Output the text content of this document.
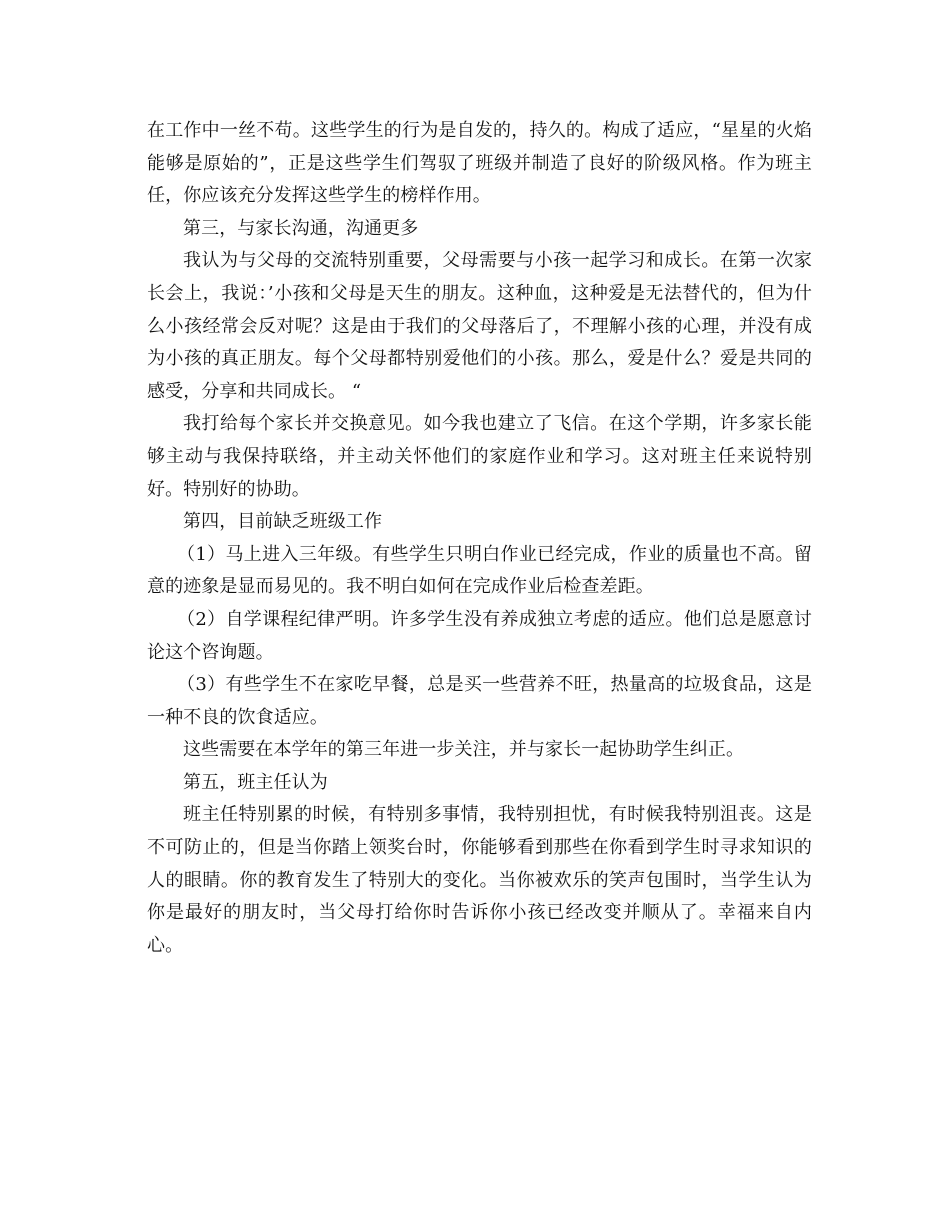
在工作中一丝不苟。这些学生的行为是自发的，持久的。构成了适应，“星星的火焰能够是原始的”，正是这些学生们驾驭了班级并制造了良好的阶级风格。作为班主任，你应该充分发挥这些学生的榜样作用。

第三，与家长沟通，沟通更多

我认为与父母的交流特别重要，父母需要与小孩一起学习和成长。在第一次家长会上，我说：’小孩和父母是天生的朋友。这种血，这种爱是无法替代的，但为什么小孩经常会反对呢？这是由于我们的父母落后了，不理解小孩的心理，并没有成为小孩的真正朋友。每个父母都特别爱他们的小孩。那么，爱是什么？爱是共同的感受，分享和共同成长。 “

我打给每个家长并交换意见。如今我也建立了飞信。在这个学期，许多家长能够主动与我保持联络，并主动关怀他们的家庭作业和学习。这对班主任来说特别好。特别好的协助。

第四，目前缺乏班级工作

（1）马上进入三年级。有些学生只明白作业已经完成，作业的质量也不高。留意的迹象是显而易见的。我不明白如何在完成作业后检查差距。

（2）自学课程纪律严明。许多学生没有养成独立考虑的适应。他们总是愿意讨论这个咨询题。

（3）有些学生不在家吃早餐，总是买一些营养不旺，热量高的垃圾食品，这是一种不良的饮食适应。

这些需要在本学年的第三年进一步关注，并与家长一起协助学生纠正。

第五，班主任认为

班主任特别累的时候，有特别多事情，我特别担忧，有时候我特别沮丧。这是不可防止的，但是当你踏上领奖台时，你能够看到那些在你看到学生时寻求知识的人的眼睛。你的教育发生了特别大的变化。当你被欢乐的笑声包围时，当学生认为你是最好的朋友时，当父母打给你时告诉你小孩已经改变并顺从了。幸福来自内心。
